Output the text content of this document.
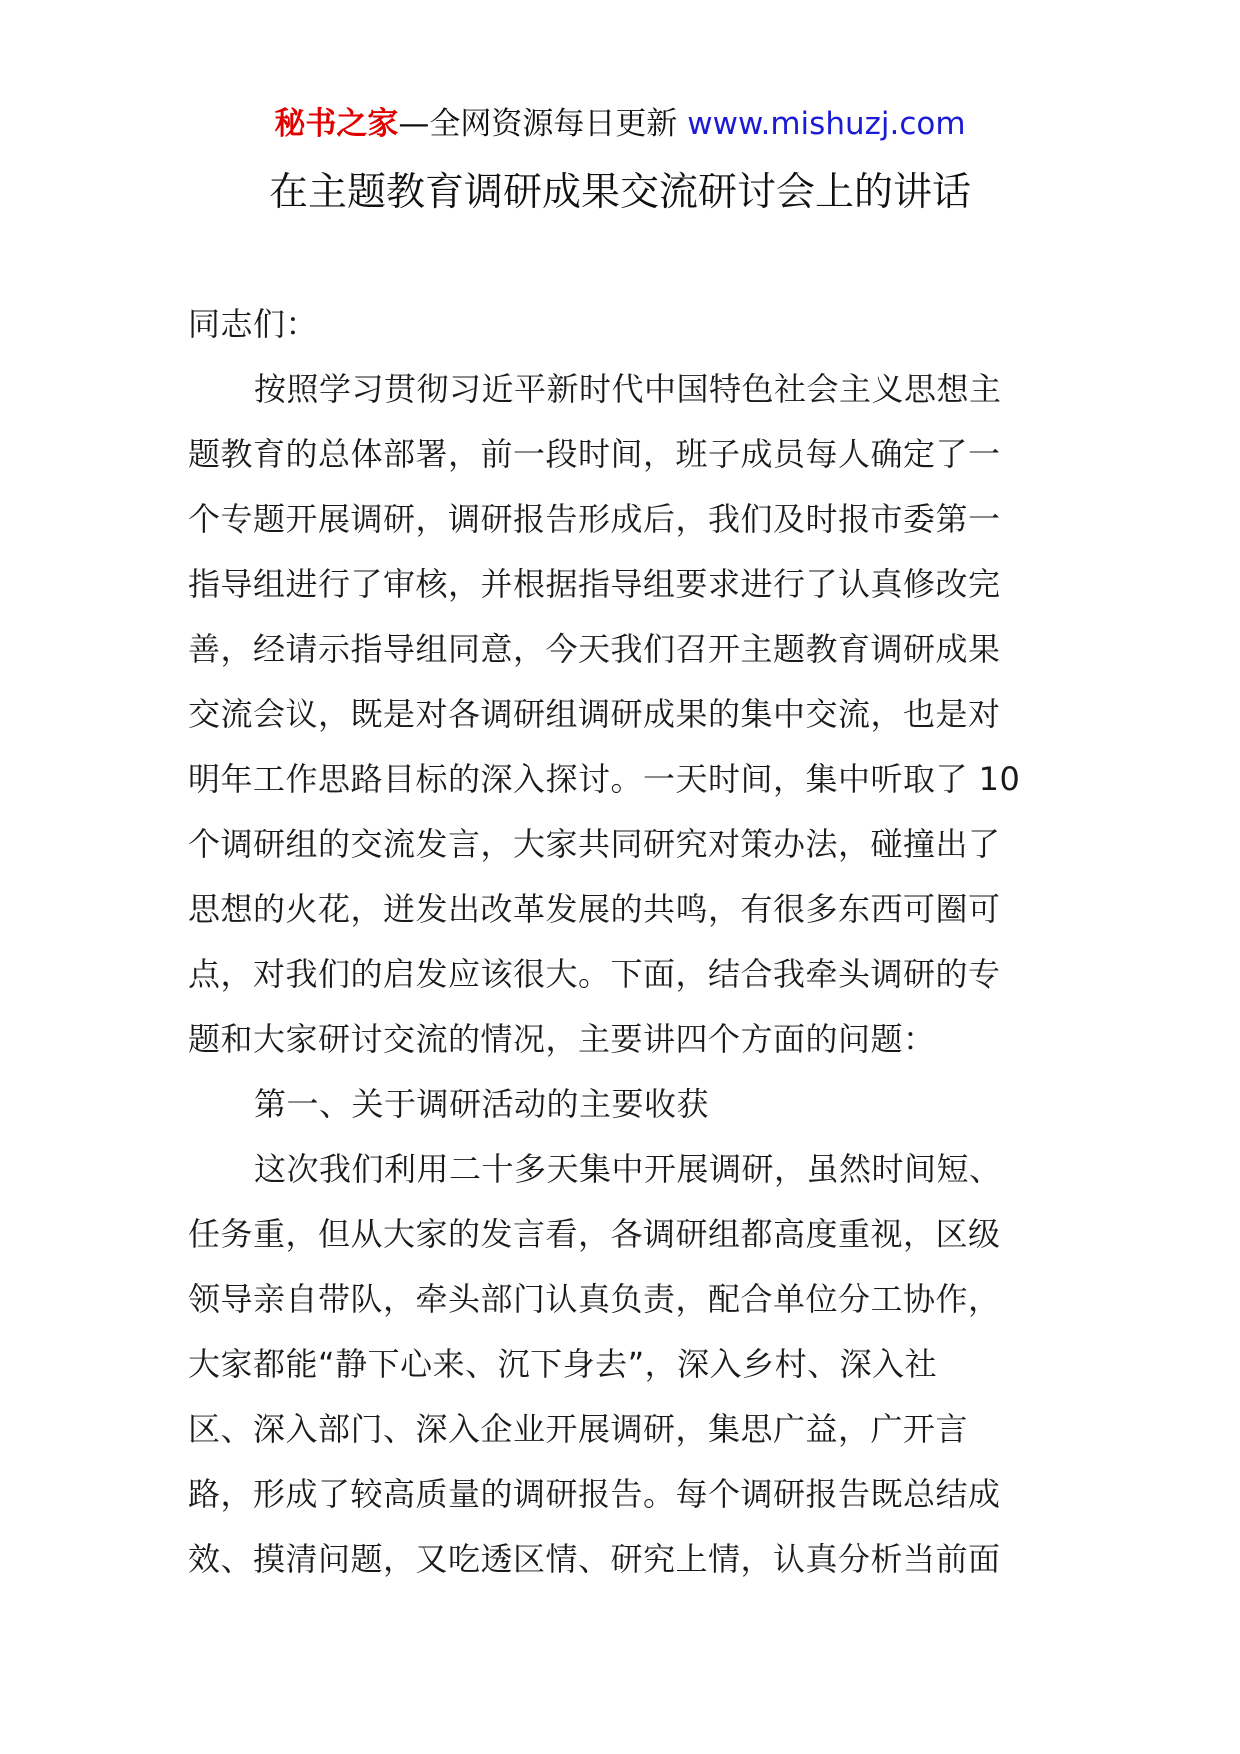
秘书之家—全网资源每日更新 www.mishuzj.com
在主题教育调研成果交流研讨会上的讲话
同志们：
按照学习贯彻习近平新时代中国特色社会主义思想主
题教育的总体部署，前一段时间，班子成员每人确定了一
个专题开展调研，调研报告形成后，我们及时报市委第一
指导组进行了审核，并根据指导组要求进行了认真修改完
善，经请示指导组同意，今天我们召开主题教育调研成果
交流会议，既是对各调研组调研成果的集中交流，也是对
明年工作思路目标的深入探讨。一天时间，集中听取了 10
个调研组的交流发言，大家共同研究对策办法，碰撞出了
思想的火花，迸发出改革发展的共鸣，有很多东西可圈可
点，对我们的启发应该很大。下面，结合我牵头调研的专
题和大家研讨交流的情况，主要讲四个方面的问题：
第一、关于调研活动的主要收获
这次我们利用二十多天集中开展调研，虽然时间短、
任务重，但从大家的发言看，各调研组都高度重视，区级
领导亲自带队，牵头部门认真负责，配合单位分工协作，
大家都能“静下心来、沉下身去”，深入乡村、深入社
区、深入部门、深入企业开展调研，集思广益，广开言
路，形成了较高质量的调研报告。每个调研报告既总结成
效、摸清问题，又吃透区情、研究上情，认真分析当前面
